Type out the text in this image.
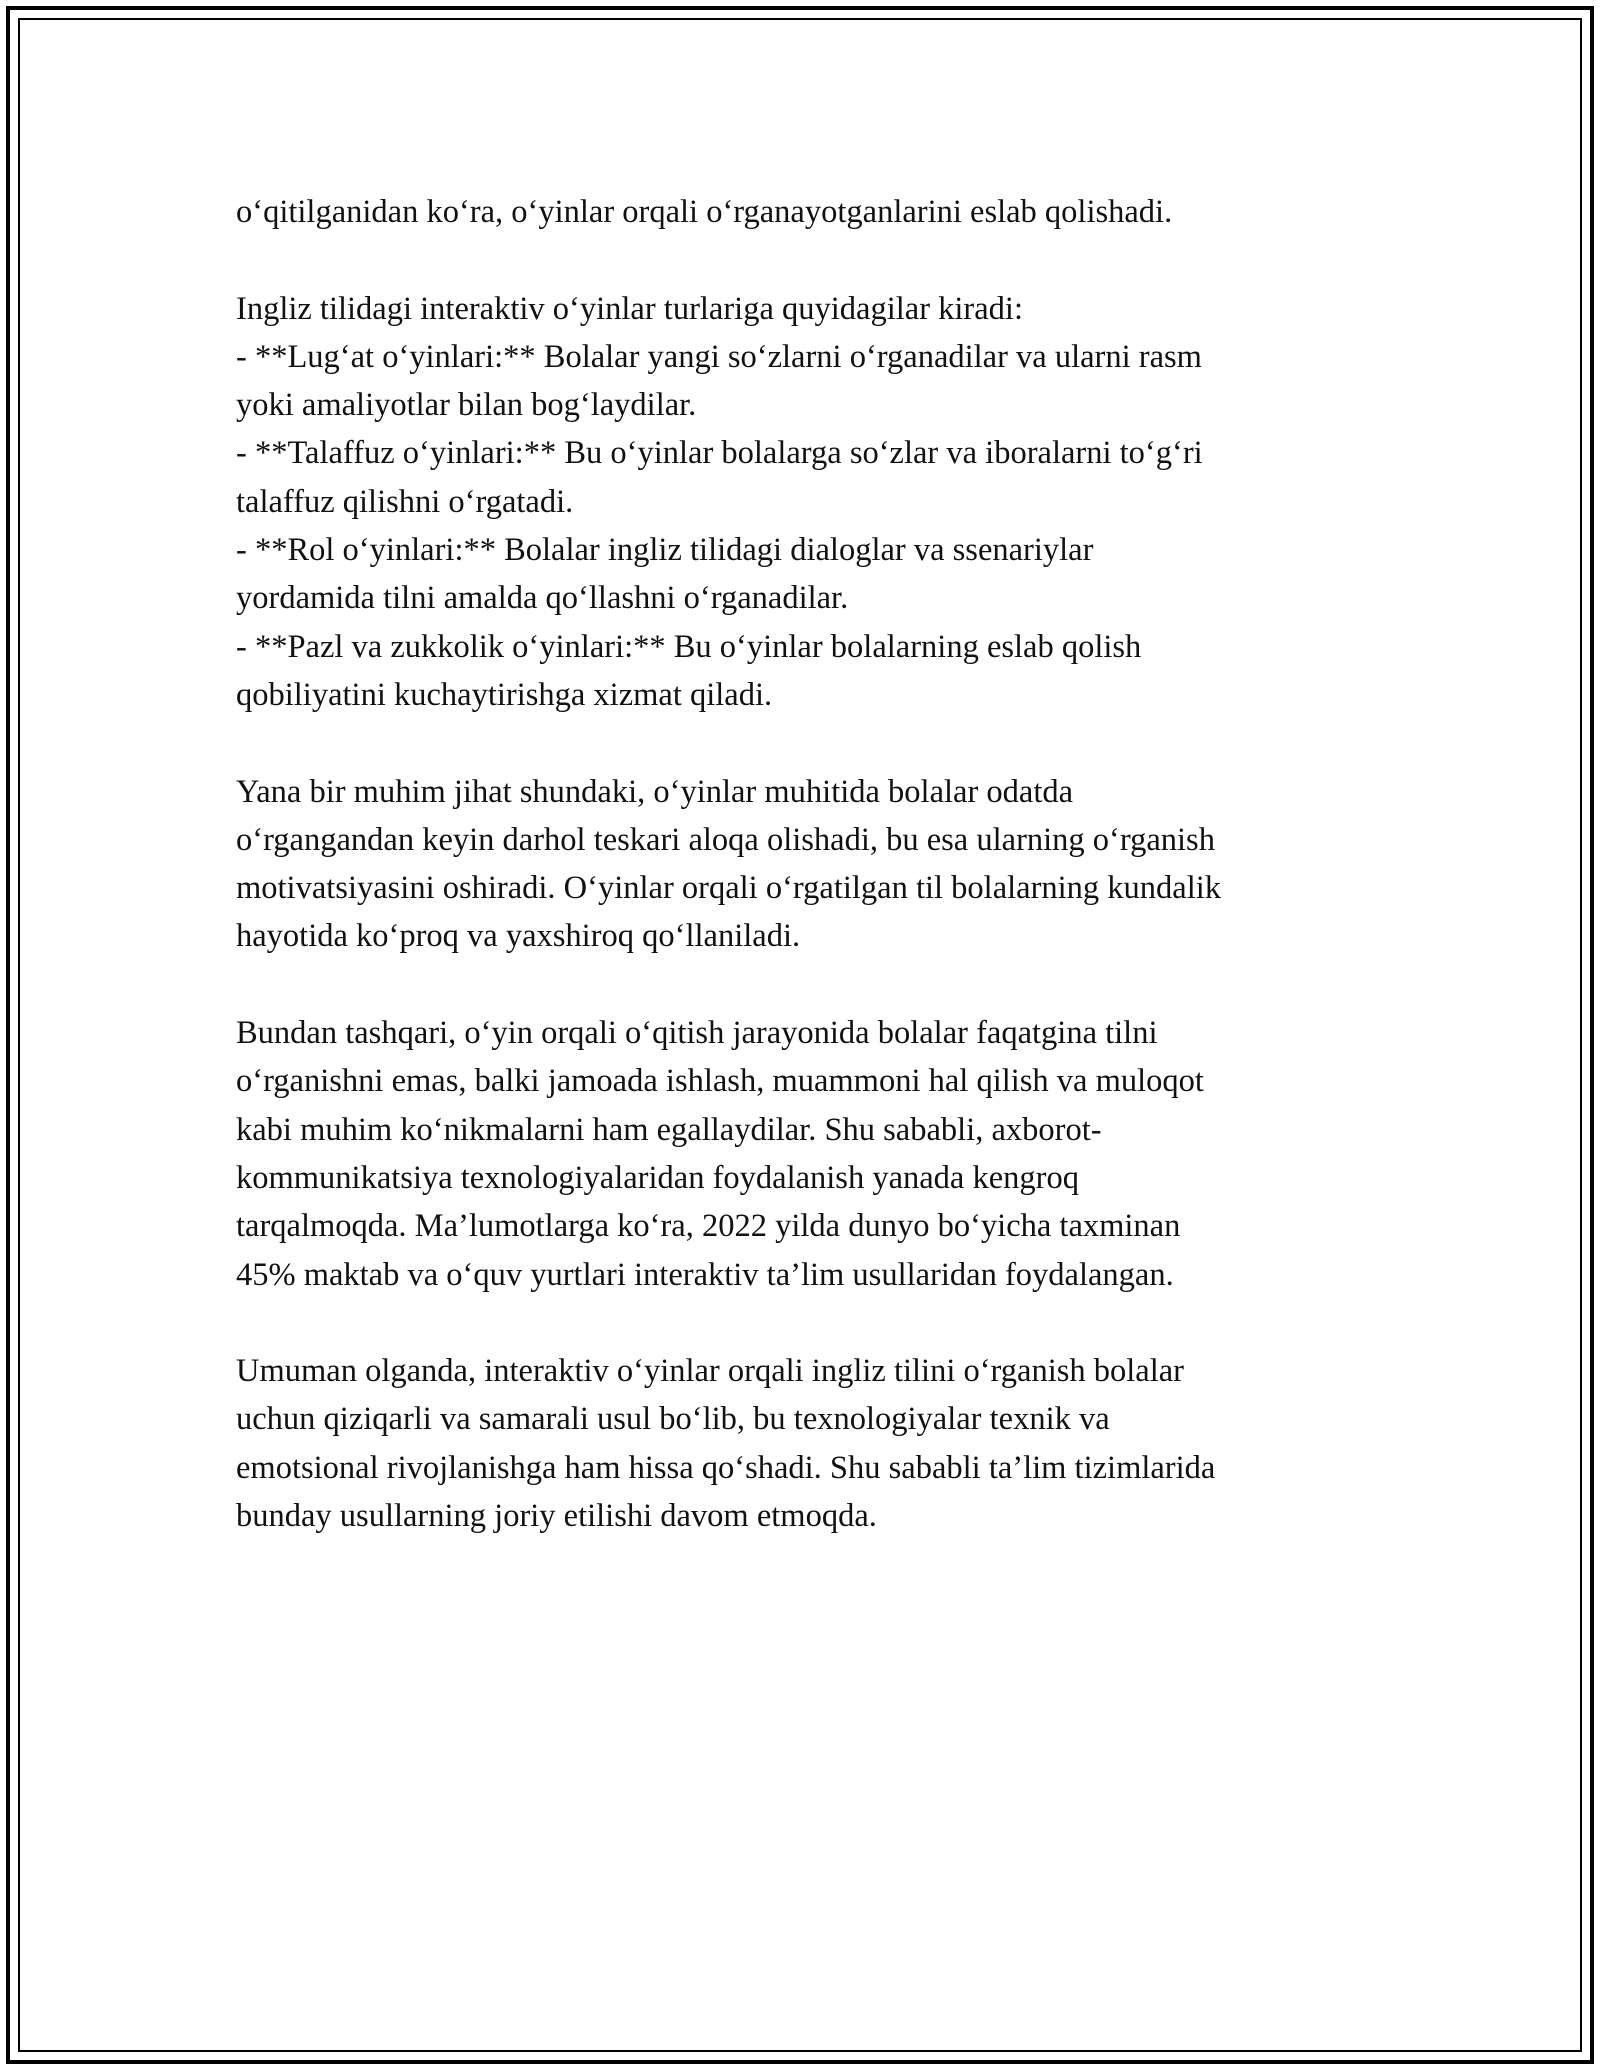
o‘qitilganidan ko‘ra, o‘yinlar orqali o‘rganayotganlarini eslab qolishadi.
Ingliz tilidagi interaktiv o‘yinlar turlariga quyidagilar kiradi:
- **Lug‘at o‘yinlari:** Bolalar yangi so‘zlarni o‘rganadilar va ularni rasm
yoki amaliyotlar bilan bog‘laydilar.
- **Talaffuz o‘yinlari:** Bu o‘yinlar bolalarga so‘zlar va iboralarni to‘g‘ri
talaffuz qilishni o‘rgatadi.
- **Rol o‘yinlari:** Bolalar ingliz tilidagi dialoglar va ssenariylar
yordamida tilni amalda qo‘llashni o‘rganadilar.
- **Pazl va zukkolik o‘yinlari:** Bu o‘yinlar bolalarning eslab qolish
qobiliyatini kuchaytirishga xizmat qiladi.
Yana bir muhim jihat shundaki, o‘yinlar muhitida bolalar odatda
o‘rgangandan keyin darhol teskari aloqa olishadi, bu esa ularning o‘rganish
motivatsiyasini oshiradi. O‘yinlar orqali o‘rgatilgan til bolalarning kundalik
hayotida ko‘proq va yaxshiroq qo‘llaniladi.
Bundan tashqari, o‘yin orqali o‘qitish jarayonida bolalar faqatgina tilni
o‘rganishni emas, balki jamoada ishlash, muammoni hal qilish va muloqot
kabi muhim ko‘nikmalarni ham egallaydilar. Shu sababli, axborot-
kommunikatsiya texnologiyalaridan foydalanish yanada kengroq
tarqalmoqda. Ma’lumotlarga ko‘ra, 2022 yilda dunyo bo‘yicha taxminan
45% maktab va o‘quv yurtlari interaktiv ta’lim usullaridan foydalangan.
Umuman olganda, interaktiv o‘yinlar orqali ingliz tilini o‘rganish bolalar
uchun qiziqarli va samarali usul bo‘lib, bu texnologiyalar texnik va
emotsional rivojlanishga ham hissa qo‘shadi. Shu sababli ta’lim tizimlarida
bunday usullarning joriy etilishi davom etmoqda.
